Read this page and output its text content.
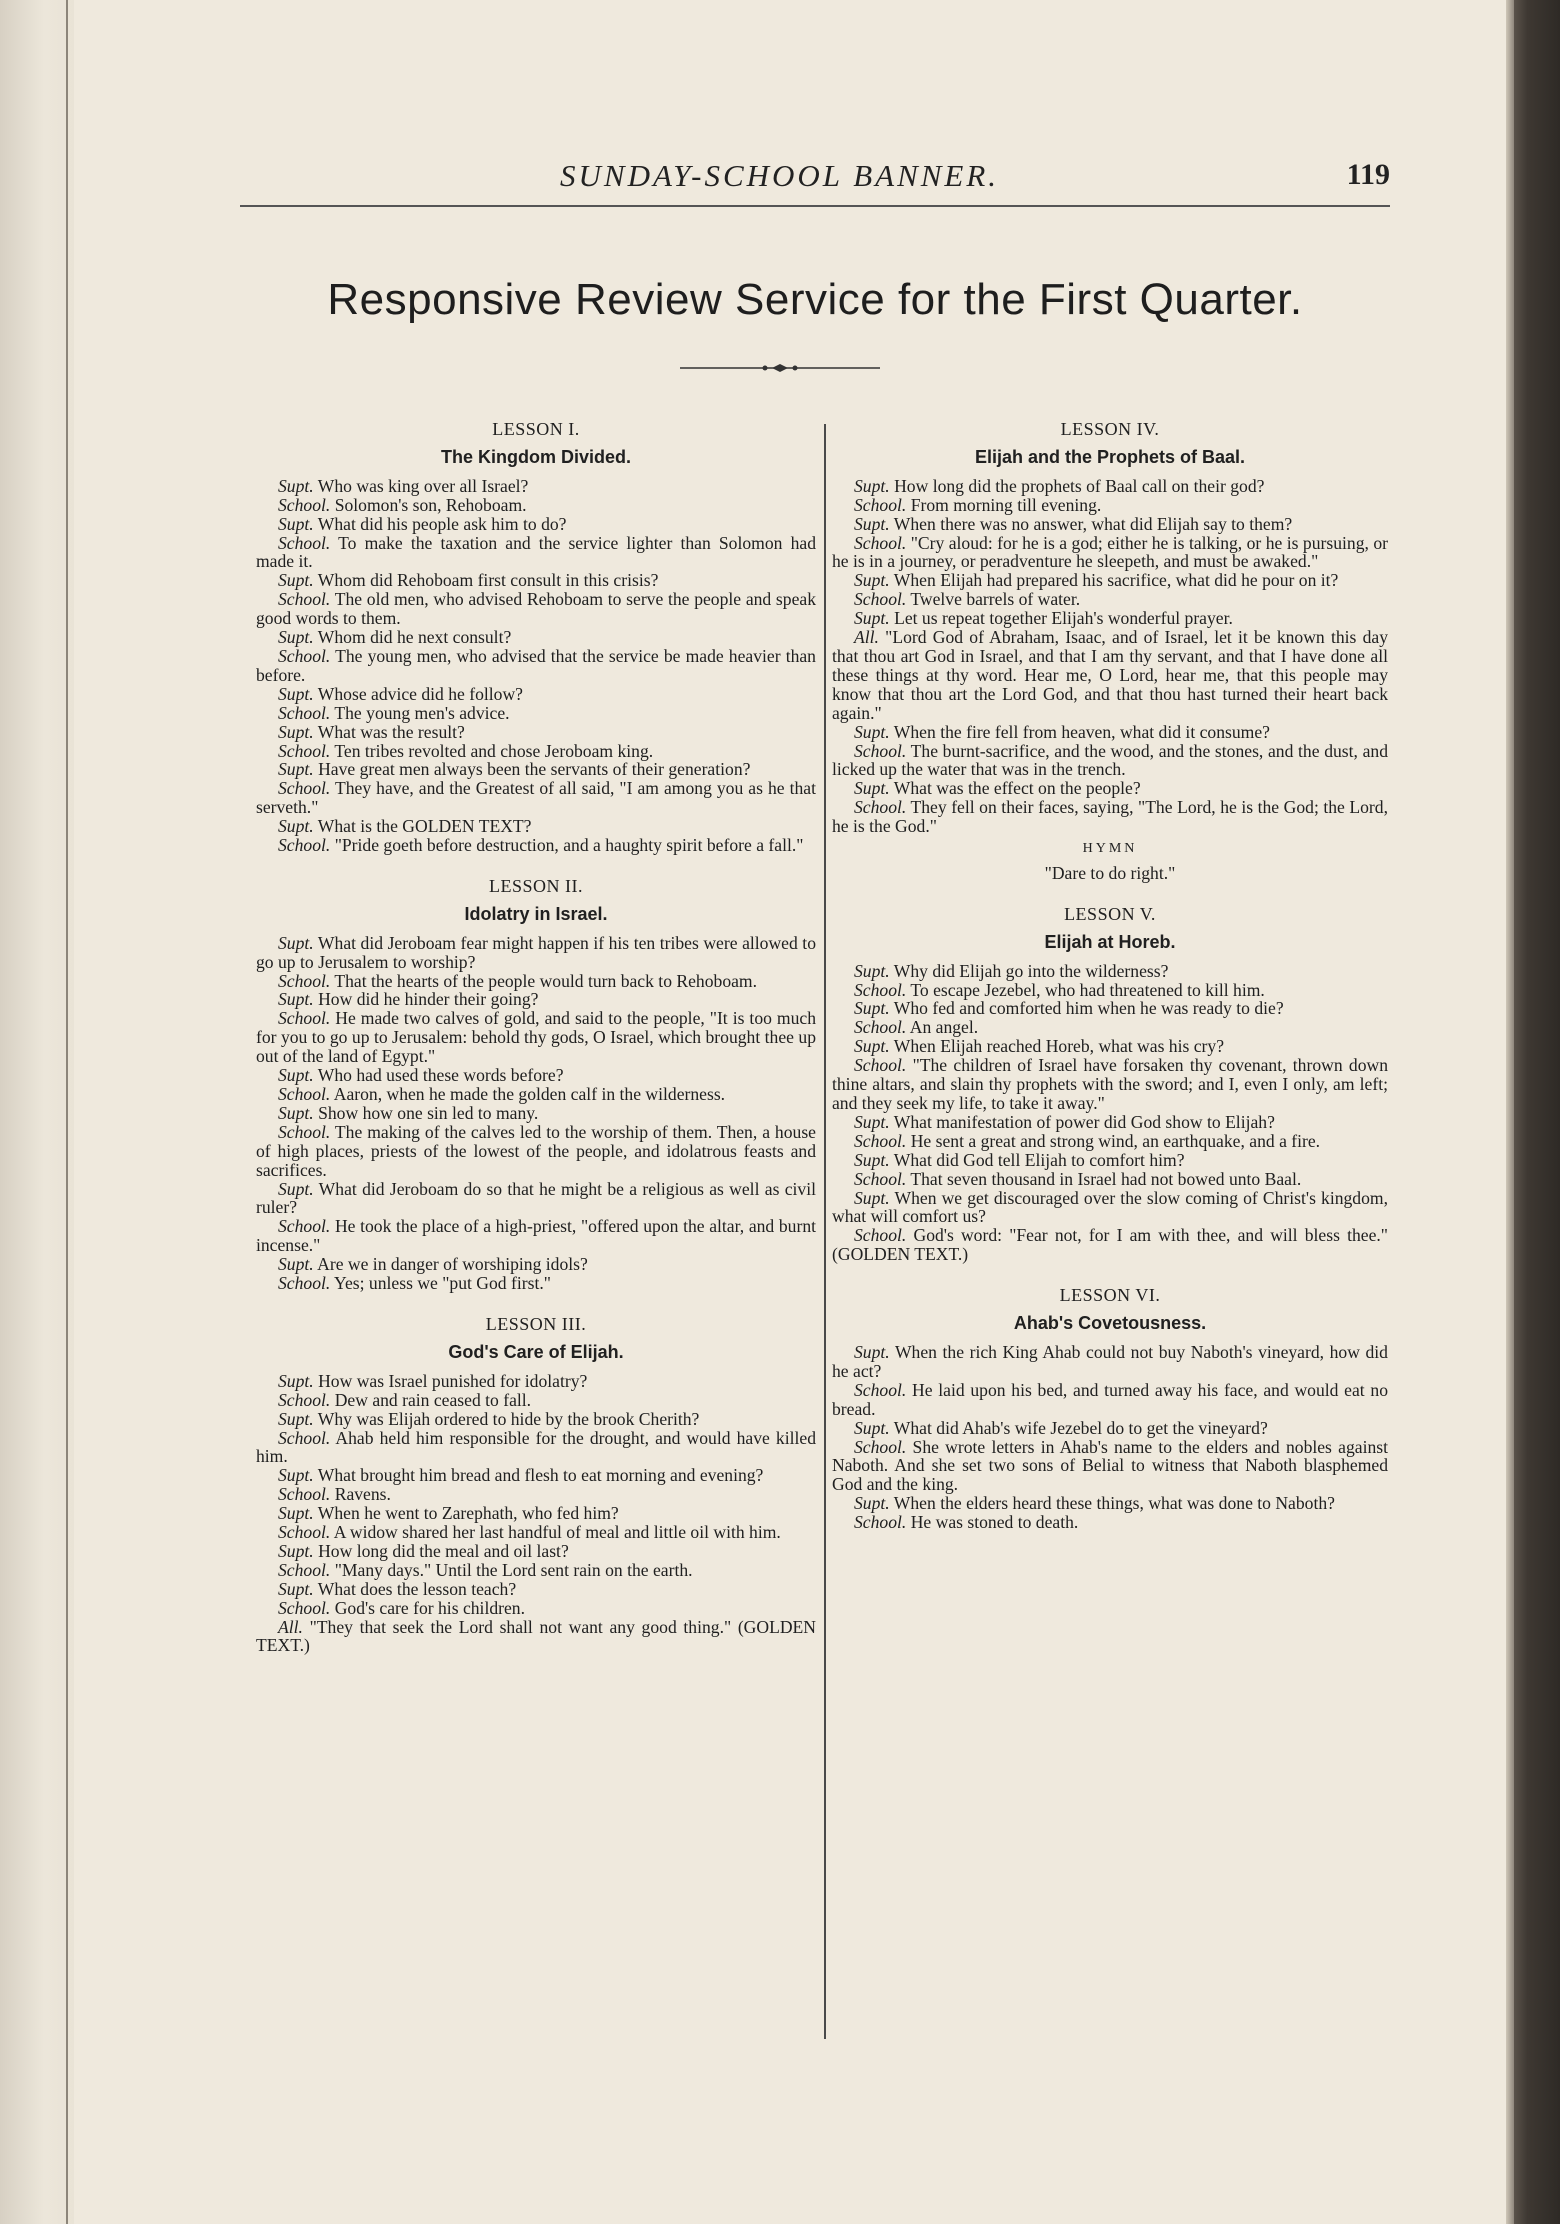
SUNDAY-SCHOOL BANNER.	119
Responsive Review Service for the First Quarter.
LESSON I.
The Kingdom Divided.

Supt. Who was king over all Israel?

School. Solomon's son, Rehoboam.

Supt. What did his people ask him to do?

School. To make the taxation and the service lighter than Solomon had made it.

Supt. Whom did Rehoboam first consult in this crisis?

School. The old men, who advised Rehoboam to serve the people and speak good words to them.

Supt. Whom did he next consult?

School. The young men, who advised that the service be made heavier than before.

Supt. Whose advice did he follow?

School. The young men's advice.

Supt. What was the result?

School. Ten tribes revolted and chose Jeroboam king.

Supt. Have great men always been the servants of their generation?

School. They have, and the Greatest of all said, "I am among you as he that serveth."

Supt. What is the GOLDEN TEXT?

School. "Pride goeth before destruction, and a haughty spirit before a fall."

LESSON II.
Idolatry in Israel.

Supt. What did Jeroboam fear might happen if his ten tribes were allowed to go up to Jerusalem to worship?

School. That the hearts of the people would turn back to Rehoboam.

Supt. How did he hinder their going?

School. He made two calves of gold, and said to the people, "It is too much for you to go up to Jerusalem: behold thy gods, O Israel, which brought thee up out of the land of Egypt."

Supt. Who had used these words before?

School. Aaron, when he made the golden calf in the wilderness.

Supt. Show how one sin led to many.

School. The making of the calves led to the worship of them. Then, a house of high places, priests of the lowest of the people, and idolatrous feasts and sacrifices.

Supt. What did Jeroboam do so that he might be a religious as well as civil ruler?

School. He took the place of a high-priest, "offered upon the altar, and burnt incense."

Supt. Are we in danger of worshiping idols?

School. Yes; unless we "put God first."

LESSON III.
God's Care of Elijah.

Supt. How was Israel punished for idolatry?

School. Dew and rain ceased to fall.

Supt. Why was Elijah ordered to hide by the brook Cherith?

School. Ahab held him responsible for the drought, and would have killed him.

Supt. What brought him bread and flesh to eat morning and evening?

School. Ravens.

Supt. When he went to Zarephath, who fed him?

School. A widow shared her last handful of meal and little oil with him.

Supt. How long did the meal and oil last?

School. "Many days." Until the Lord sent rain on the earth.

Supt. What does the lesson teach?

School. God's care for his children.

All. "They that seek the Lord shall not want any good thing." (GOLDEN TEXT.)

LESSON IV.
Elijah and the Prophets of Baal.

Supt. How long did the prophets of Baal call on their god?

School. From morning till evening.

Supt. When there was no answer, what did Elijah say to them?

School. "Cry aloud: for he is a god; either he is talking, or he is pursuing, or he is in a journey, or peradventure he sleepeth, and must be awaked."

Supt. When Elijah had prepared his sacrifice, what did he pour on it?

School. Twelve barrels of water.

Supt. Let us repeat together Elijah's wonderful prayer.

All. "Lord God of Abraham, Isaac, and of Israel, let it be known this day that thou art God in Israel, and that I am thy servant, and that I have done all these things at thy word. Hear me, O Lord, hear me, that this people may know that thou art the Lord God, and that thou hast turned their heart back again."

Supt. When the fire fell from heaven, what did it consume?

School. The burnt-sacrifice, and the wood, and the stones, and the dust, and licked up the water that was in the trench.

Supt. What was the effect on the people?

School. They fell on their faces, saying, "The Lord, he is the God; the Lord, he is the God."

HYMN
"Dare to do right."
LESSON V.
Elijah at Horeb.

Supt. Why did Elijah go into the wilderness?

School. To escape Jezebel, who had threatened to kill him.

Supt. Who fed and comforted him when he was ready to die?

School. An angel.

Supt. When Elijah reached Horeb, what was his cry?

School. "The children of Israel have forsaken thy covenant, thrown down thine altars, and slain thy prophets with the sword; and I, even I only, am left; and they seek my life, to take it away."

Supt. What manifestation of power did God show to Elijah?

School. He sent a great and strong wind, an earthquake, and a fire.

Supt. What did God tell Elijah to comfort him?

School. That seven thousand in Israel had not bowed unto Baal.

Supt. When we get discouraged over the slow coming of Christ's kingdom, what will comfort us?

School. God's word: "Fear not, for I am with thee, and will bless thee." (GOLDEN TEXT.)

LESSON VI.
Ahab's Covetousness.

Supt. When the rich King Ahab could not buy Naboth's vineyard, how did he act?

School. He laid upon his bed, and turned away his face, and would eat no bread.

Supt. What did Ahab's wife Jezebel do to get the vineyard?

School. She wrote letters in Ahab's name to the elders and nobles against Naboth. And she set two sons of Belial to witness that Naboth blasphemed God and the king.

Supt. When the elders heard these things, what was done to Naboth?

School. He was stoned to death.
